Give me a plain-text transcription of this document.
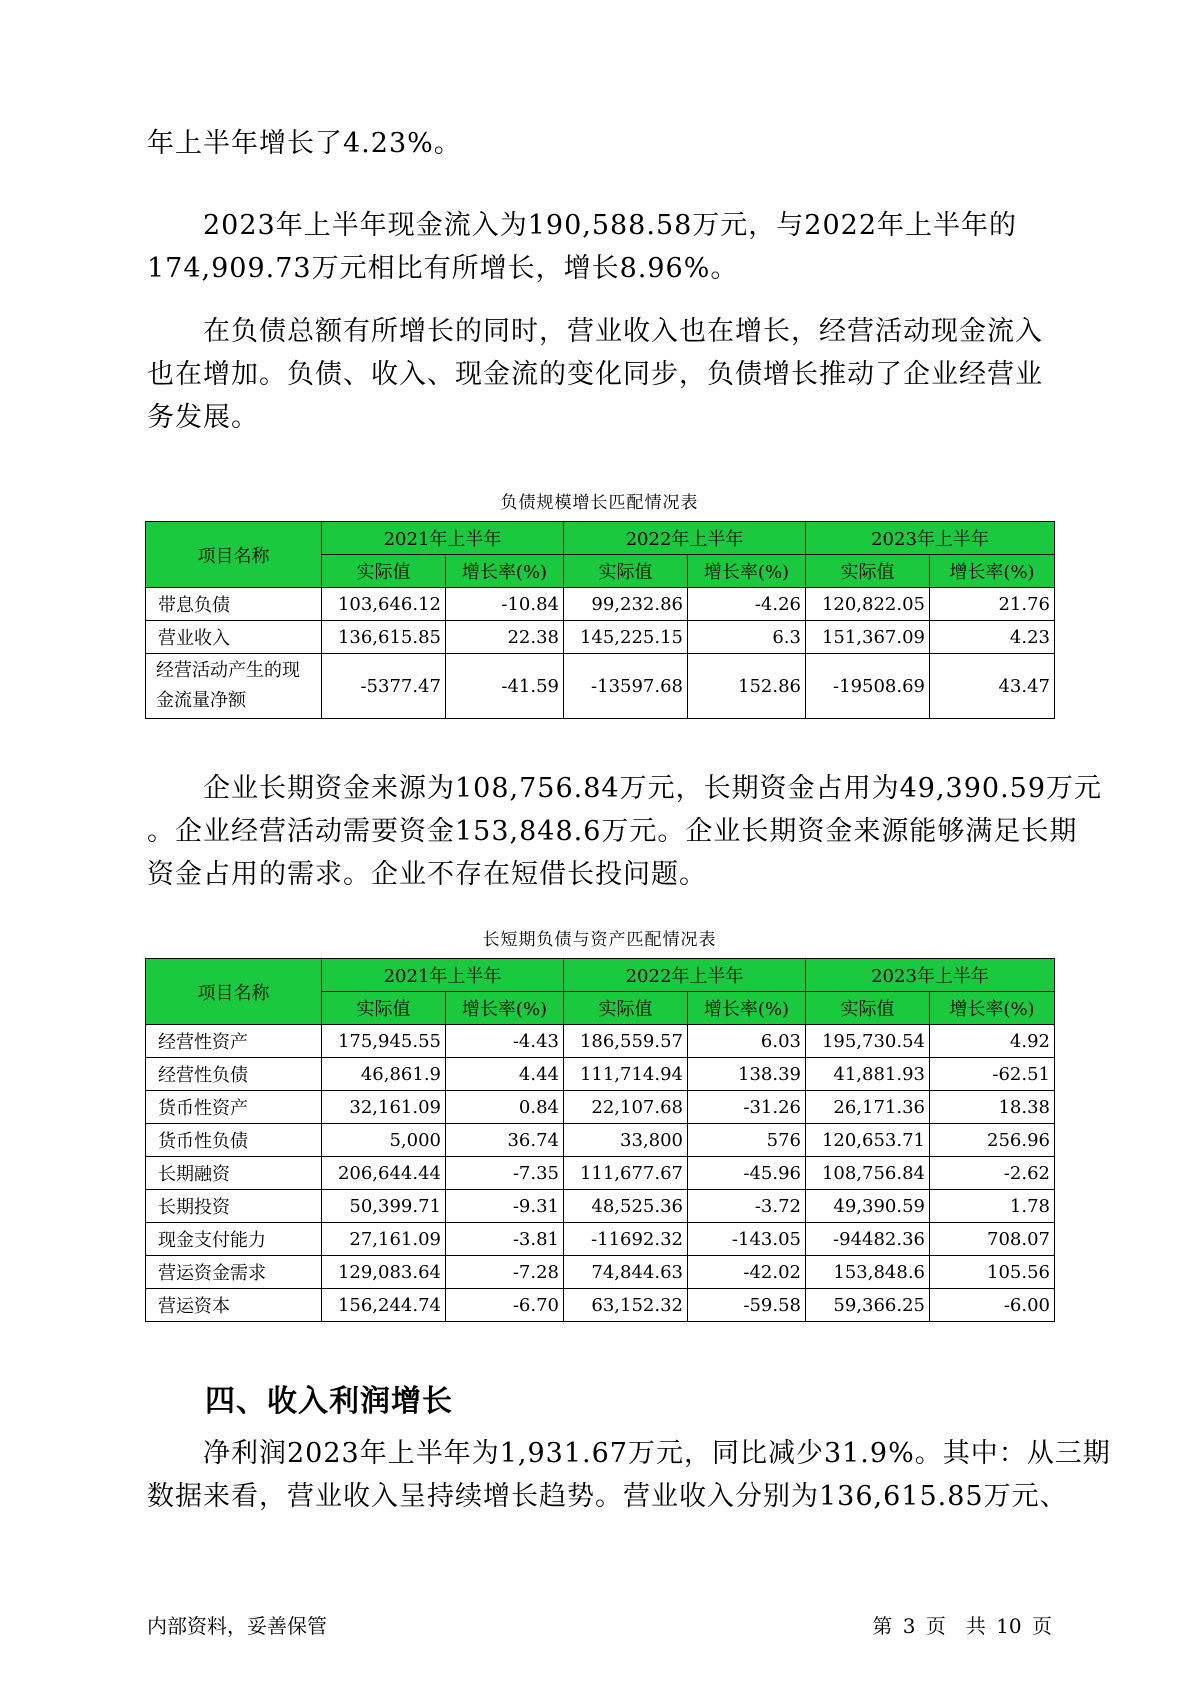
年上半年增长了4.23%。

　　2023年上半年现金流入为190,588.58万元，与2022年上半年的
174,909.73万元相比有所增长，增长8.96%。

　　在负债总额有所增长的同时，营业收入也在增长，经营活动现金流入
也在增加。负债、收入、现金流的变化同步，负债增长推动了企业经营业
务发展。

负债规模增长匹配情况表
项目名称	2021年上半年		2022年上半年		2023年上半年	
	实际值	增长率(%)	实际值	增长率(%)	实际值	增长率(%)
带息负债	103,646.12	-10.84	99,232.86	-4.26	120,822.05	21.76
营业收入	136,615.85	22.38	145,225.15	6.3	151,367.09	4.23
经营活动产生的现金流量净额	-5377.47	-41.59	-13597.68	152.86	-19508.69	43.47

　　企业长期资金来源为108,756.84万元，长期资金占用为49,390.59万元
。企业经营活动需要资金153,848.6万元。企业长期资金来源能够满足长期
资金占用的需求。企业不存在短借长投问题。

长短期负债与资产匹配情况表
项目名称	2021年上半年		2022年上半年		2023年上半年	
	实际值	增长率(%)	实际值	增长率(%)	实际值	增长率(%)
经营性资产	175,945.55	-4.43	186,559.57	6.03	195,730.54	4.92
经营性负债	46,861.9	4.44	111,714.94	138.39	41,881.93	-62.51
货币性资产	32,161.09	0.84	22,107.68	-31.26	26,171.36	18.38
货币性负债	5,000	36.74	33,800	576	120,653.71	256.96
长期融资	206,644.44	-7.35	111,677.67	-45.96	108,756.84	-2.62
长期投资	50,399.71	-9.31	48,525.36	-3.72	49,390.59	1.78
现金支付能力	27,161.09	-3.81	-11692.32	-143.05	-94482.36	708.07
营运资金需求	129,083.64	-7.28	74,844.63	-42.02	153,848.6	105.56
营运资本	156,244.74	-6.70	63,152.32	-59.58	59,366.25	-6.00
四、收入利润增长

　　净利润2023年上半年为1,931.67万元，同比减少31.9%。其中：从三期
数据来看，营业收入呈持续增长趋势。营业收入分别为136,615.85万元、

内部资料，妥善保管	第 3 页　共 10 页
